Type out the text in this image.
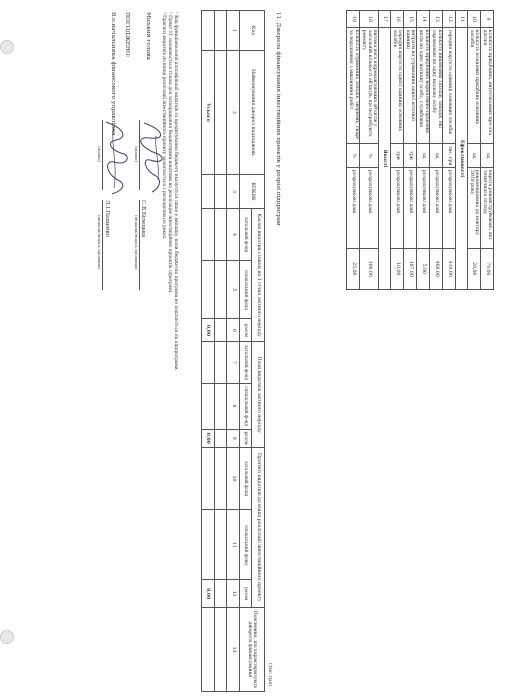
9	кількість придбаних, виготовлених пре-лоа діяльн	од	ворота реконструйовані; акт технічного огляду	79,00
10	кількість планових придбань основних засобів	од	рекомендовано до повтору 2018 року	20,00
11	Ефективності			
12	середня вартість одиниці основних засобів	тис. грн	розрахункові дані	410,00
13	кількість виконаних заходів, заходів, які спрямовані на одну наукову особу	од	розрахункові дані	468,00
14	кількість придбаних нормативно-правових актів на одну наукову особу, службовця	од	розрахункові дані	5,00
15	витрати на утримання однієї штатної одиниці	грн	розрахункові дані	107,00
16	середня вартість однієї одиниці основних засобів	грн	розрахункові дані	10,00
17	Якості			
18	питома вага відремонтованих об'єктів у загальній кількості об'єктів, що потребують ремонту	%	розрахункові дані	100,00
19	кількість отриманих заходів, звернень, скарг за порушення з виконання робіт	%	розрахункові дані	25,00
11. Джерела фінансування інвестиційних проектів у розрізі підпрограм
(тис.грн)
Код	Найменування джерел надходжень	КПКВК	Касові видатки станом на 1 січня звітного періоду			План видатків звітного періоду			Прогноз видатків до кінця реалізації інвестиційного проекту			Пояснення, що характеризують джерела фінансування
			загальний фонд	спеціальний фонд	разом	загальний фонд	спеціальний фонд	разом	загальний фонд	спеціальний фонд	разом	
1	2	3	4	5	6	7	8	9	10	11	12	13

	Усього				0,00			0,00			0,00	
¹ Код функціональної класифікації видатків та кредитування бюджету вказується лише у випадку, коли бюджетна програма не поділяється на підпрограми.
² Пункт 11 заповнюється тільки для затвердження бюджетними коштами на реалізацію інвестиційних проектів (програм).
³ Прогноз видатків до кінця реалізації інвестиційного проекту зазначається з розподілом по роках.
Міський голова
(підпис)
С.В.Білецька
(ініціали/ініціал, прізвище)
ПОГОДЖЕНО:
В.о.начальника фінансового управління
(підпис)
Л.І.Пащенко
(ініціали/ініціал, прізвище)
